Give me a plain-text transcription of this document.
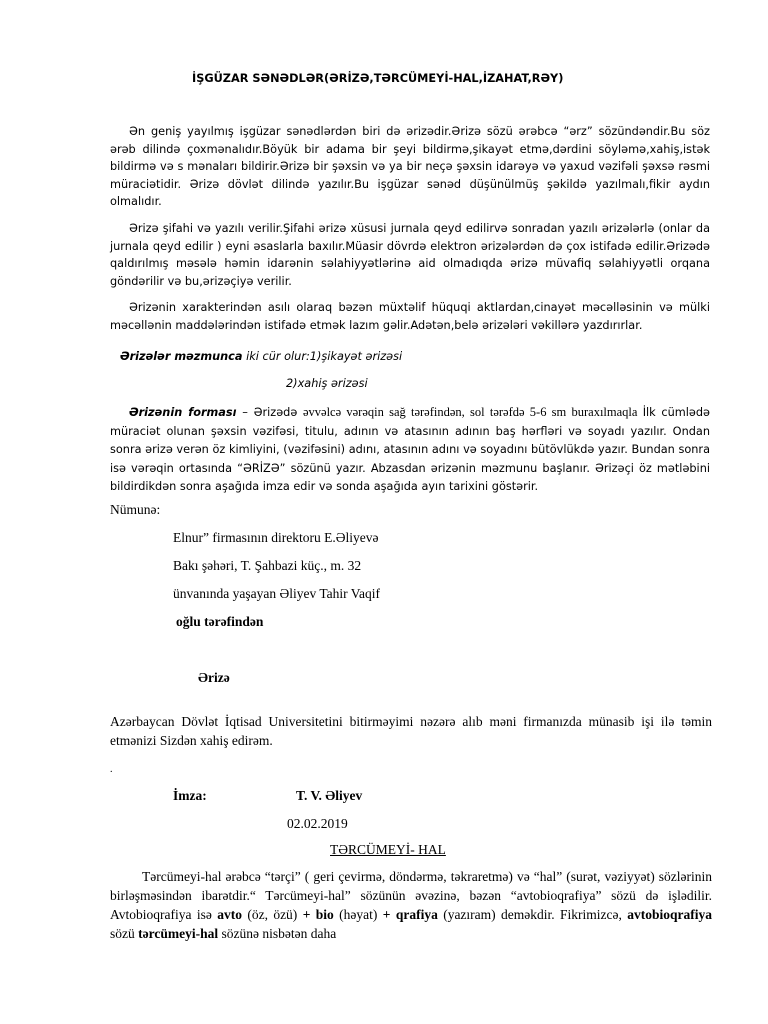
İŞGÜZAR SƏNƏDLƏR(ƏRİZƏ,TƏRCÜMEYİ-HAL,İZAHAT,RƏY)

Ən geniş yayılmış işgüzar sənədlərdən biri də ərizədir.Ərizə sözü ərəbcə “ərz” sözündəndir.Bu söz ərəb dilində çoxmənalıdır.Böyük bir adama bir şeyi bildirmə,şikayət etmə,dərdini söyləmə,xahiş,istək bildirmə və s mənaları bildirir.Ərizə bir şəxsin və ya bir neçə şəxsin idarəyə və yaxud vəzifəli şəxsə rəsmi müraciətidir. Ərizə dövlət dilində yazılır.Bu işgüzar sənəd düşünülmüş şəkildə yazılmalı,fikir aydın olmalıdır.

Ərizə şifahi və yazılı verilir.Şifahi ərizə xüsusi jurnala qeyd edilirvə sonradan yazılı ərizələrlə (onlar da jurnala qeyd edilir ) eyni əsaslarla baxılır.Müasir dövrdə elektron ərizələrdən də çox istifadə edilir.Ərizədə qaldırılmış məsələ həmin idarənin səlahiyyətlərinə aid olmadıqda ərizə müvafiq səlahiyyətli orqana göndərilir və bu,ərizəçiyə verilir.

Ərizənin xarakterindən asılı olaraq bəzən müxtəlif hüquqi aktlardan,cinayət məcəlləsinin və mülki məcəllənin maddələrindən istifadə etmək lazım gəlir.Adətən,belə ərizələri vəkillərə yazdırırlar.

Ərizələr məzmunca iki cür olur:1)şikayət ərizəsi
2)xahiş ərizəsi

Ərizənin forması – Ərizədə əvvəlcə vərəqin sağ tərəfindən, sol tərəfdə 5-6 sm buraxılmaqla İlk cümlədə müraciət olunan şəxsin vəzifəsi, titulu, adının və atasının adının baş hərfləri və soyadı yazılır. Ondan sonra ərizə verən öz kimliyini, (vəzifəsini) adını, atasının adını və soyadını bütövlükdə yazır. Bundan sonra isə vərəqin ortasında “ƏRİZƏ” sözünü yazır. Abzasdan ərizənin məzmunu başlanır. Ərizəçi öz mətləbini bildirdikdən sonra aşağıda imza edir və sonda aşağıda ayın tarixini göstərir.

Nümunə:
Elnur” firmasının direktoru E.Əliyevə
Bakı şəhəri, T. Şahbazi küç., m. 32
ünvanında yaşayan Əliyev Tahir Vaqif
oğlu tərəfindən
Ərizə

Azərbaycan Dövlət İqtisad Universitetini bitirməyimi nəzərə alıb məni firmanızda münasib işi ilə təmin etmənizi Sizdən xahiş edirəm.

.
İmza:	T. V. Əliyev
02.02.2019
TƏRCÜMEYİ- HAL

Tərcümeyi-hal ərəbcə “tərçi” ( geri çevirmə, döndərmə, təkraretmə) və “hal” (surət, vəziyyət) sözlərinin birləşməsindən ibarətdir.“ Tərcümeyi-hal” sözünün əvəzinə, bəzən “avtobioqrafiya” sözü də işlədilir. Avtobioqrafiya isə avto (öz, özü) + bio (həyat) + qrafiya (yazıram) deməkdir. Fikrimizcə, avtobioqrafiya sözü tərcümeyi-hal sözünə nisbətən daha
